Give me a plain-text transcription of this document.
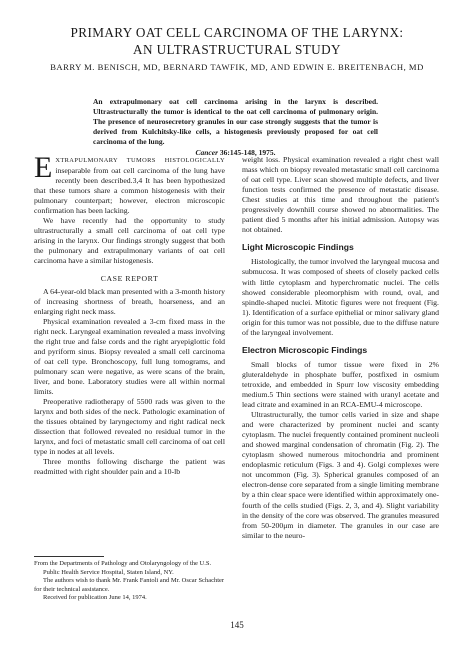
PRIMARY OAT CELL CARCINOMA OF THE LARYNX:
AN ULTRASTRUCTURAL STUDY
BARRY M. BENISCH, MD, BERNARD TAWFIK, MD, AND EDWIN E. BREITENBACH, MD
An extrapulmonary oat cell carcinoma arising in the larynx is described. Ultrastructurally the tumor is identical to the oat cell carcinoma of pulmonary origin. The presence of neurosecretory granules in our case strongly suggests that the tumor is derived from Kulchitsky-like cells, a histogenesis previously proposed for oat cell carcinoma of the lung.
Cancer 36:145-148, 1975.

EXTRAPULMONARY TUMORS HISTOLOGICALLY inseparable from oat cell carcinoma of the lung have recently been described.3,4 It has been hypothesized that these tumors share a common histogenesis with their pulmonary counterpart; however, electron microscopic confirmation has been lacking.

We have recently had the opportunity to study ultrastructurally a small cell carcinoma of oat cell type arising in the larynx. Our findings strongly suggest that both the pulmonary and extrapulmonary variants of oat cell carcinoma have a similar histogenesis.

CASE REPORT

A 64-year-old black man presented with a 3-month history of increasing shortness of breath, hoarseness, and an enlarging right neck mass.

Physical examination revealed a 3-cm fixed mass in the right neck. Laryngeal examination revealed a mass involving the right true and false cords and the right aryepiglottic fold and pyriform sinus. Biopsy revealed a small cell carcinoma of oat cell type. Bronchoscopy, full lung tomograms, and pulmonary scan were negative, as were scans of the brain, liver, and bone. Laboratory studies were all within normal limits.

Preoperative radiotherapy of 5500 rads was given to the larynx and both sides of the neck. Pathologic examination of the tissues obtained by laryngectomy and right radical neck dissection that followed revealed no residual tumor in the larynx, and foci of metastatic small cell carcinoma of oat cell type in nodes at all levels.

Three months following discharge the patient was readmitted with right shoulder pain and a 10-lb

From the Departments of Pathology and Otolaryngology of the U.S. Public Health Service Hospital, Staten Island, NY.

The authors wish to thank Mr. Frank Fantoli and Mr. Oscar Schachter for their technical assistance.

Received for publication June 14, 1974.

weight loss. Physical examination revealed a right chest wall mass which on biopsy revealed metastatic small cell carcinoma of oat cell type. Liver scan showed multiple defects, and liver function tests confirmed the presence of metastatic disease. Chest studies at this time and throughout the patient's progressively downhill course showed no abnormalities. The patient died 5 months after his initial admission. Autopsy was not obtained.

Light Microscopic Findings

Histologically, the tumor involved the laryngeal mucosa and submucosa. It was composed of sheets of closely packed cells with little cytoplasm and hyperchromatic nuclei. The cells showed considerable pleomorphism with round, oval, and spindle-shaped nuclei. Mitotic figures were not frequent (Fig. 1). Identification of a surface epithelial or minor salivary gland origin for this tumor was not possible, due to the diffuse nature of the laryngeal involvement.

Electron Microscopic Findings

Small blocks of tumor tissue were fixed in 2% gluteraldehyde in phosphate buffer, postfixed in osmium tetroxide, and embedded in Spurr low viscosity embedding medium.5 Thin sections were stained with uranyl acetate and lead citrate and examined in an RCA-EMU-4 microscope.

Ultrastructurally, the tumor cells varied in size and shape and were characterized by prominent nuclei and scanty cytoplasm. The nuclei frequently contained prominent nucleoli and showed marginal condensation of chromatin (Fig. 2). The cytoplasm showed numerous mitochondria and prominent endoplasmic reticulum (Figs. 3 and 4). Golgi complexes were not uncommon (Fig. 3). Spherical granules composed of an electron-dense core separated from a single limiting membrane by a thin clear space were identified within approximately one-fourth of the cells studied (Figs. 2, 3, and 4). Slight variability in the density of the core was observed. The granules measured from 50-200μm in diameter. The granules in our case are similar to the neuro-

145
